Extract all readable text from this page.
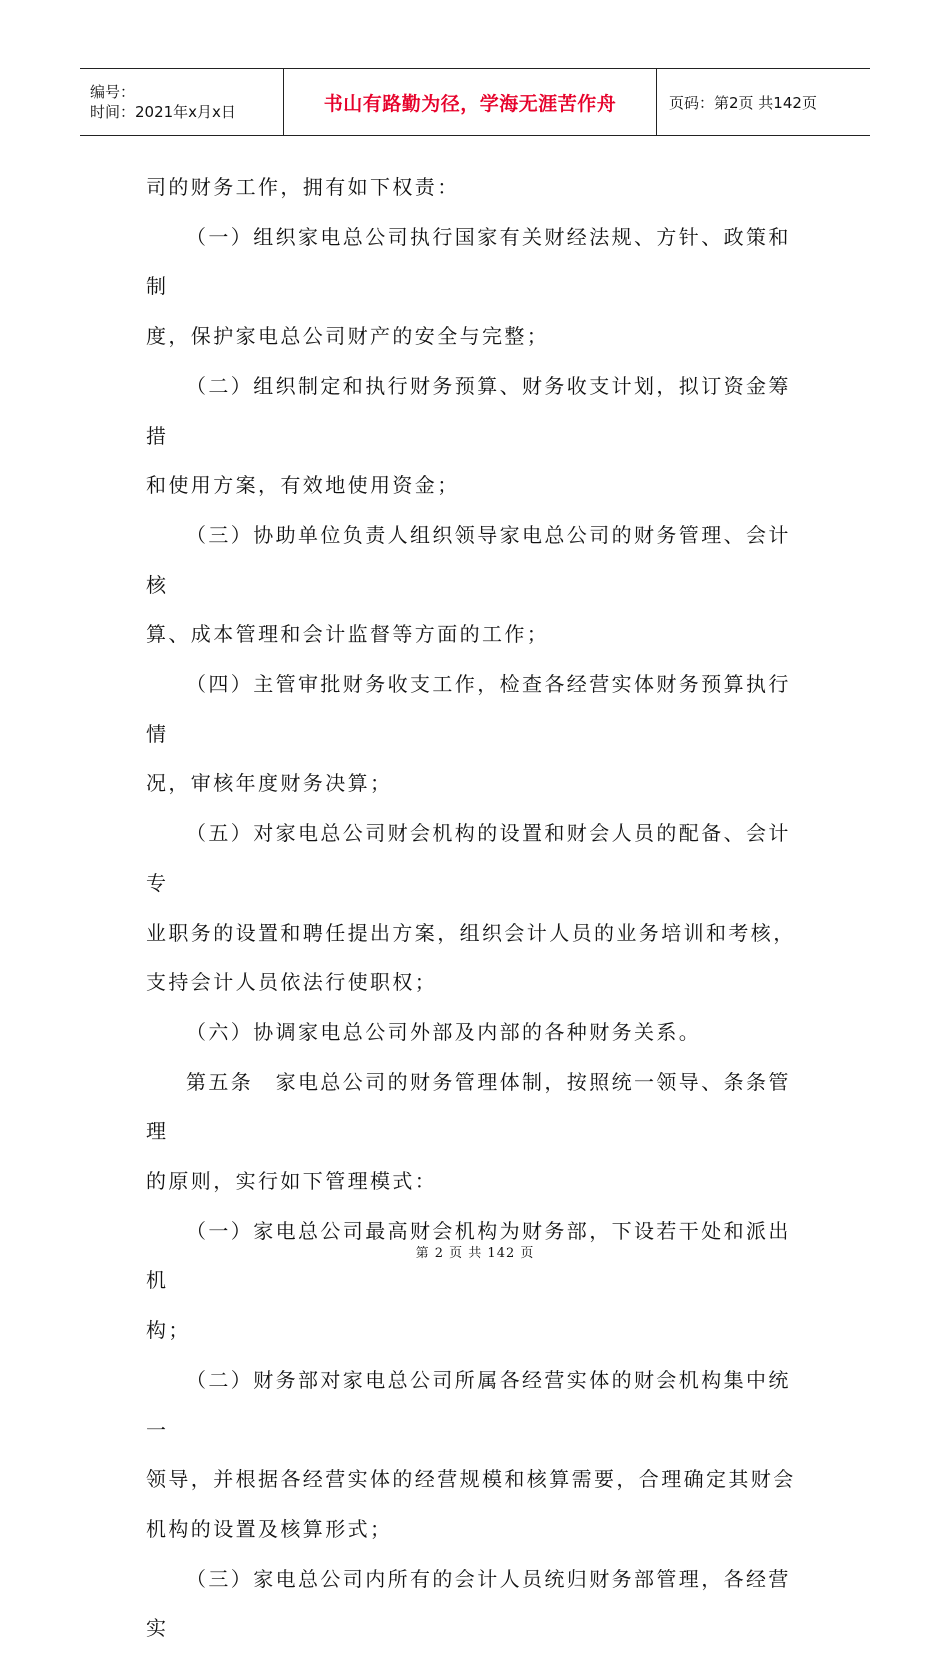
编号：
时间：2021年x月x日	书山有路勤为径，学海无涯苦作舟	页码：第2页 共142页

司的财务工作，拥有如下权责：

（一）组织家电总公司执行国家有关财经法规、方针、政策和制

度，保护家电总公司财产的安全与完整；

（二）组织制定和执行财务预算、财务收支计划，拟订资金筹措

和使用方案，有效地使用资金；

（三）协助单位负责人组织领导家电总公司的财务管理、会计核

算、成本管理和会计监督等方面的工作；

（四）主管审批财务收支工作，检查各经营实体财务预算执行情

况，审核年度财务决算；

（五）对家电总公司财会机构的设置和财会人员的配备、会计专

业职务的设置和聘任提出方案，组织会计人员的业务培训和考核，

支持会计人员依法行使职权；

（六）协调家电总公司外部及内部的各种财务关系。

第五条　家电总公司的财务管理体制，按照统一领导、条条管理

的原则，实行如下管理模式：

（一）家电总公司最高财会机构为财务部，下设若干处和派出机

构；

（二）财务部对家电总公司所属各经营实体的财会机构集中统一

领导，并根据各经营实体的经营规模和核算需要，合理确定其财会

机构的设置及核算形式；

（三）家电总公司内所有的会计人员统归财务部管理，各经营实

第 2 页 共 142 页
